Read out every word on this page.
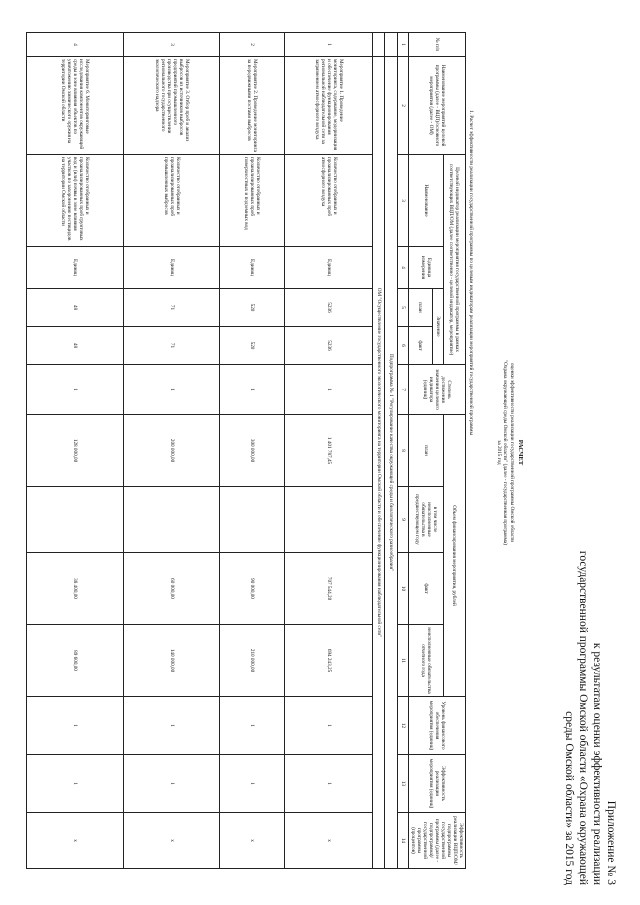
Приложение № 3
к результатам оценки эффективности реализации
государственной программы Омской области «Охрана окружающей
среды Омской области» за 2015 год
РАСЧЕТ
оценки эффективности реализации государственной программы Омской области
"Охрана окружающей среды Омской области" (далее - государственная программа)
за 2015 год
1. Расчет эффективности реализации государственной программы по целевым индикаторам реализации мероприятий государственной программы
№ п/п	Наименование мероприятий целевой программы (далее - ВЦП)/основного мероприятия (далее - ОМ)	Целевой индикатор реализации мероприятия государственной программы в рамках соответствующих ВЦП/ОМ (далее соответственно - целевой индикатор, мероприятие)				Степень достижения значения целевого индикатора (единиц)	Объем финансирования мероприятия, рублей				Уровень финансового обеспечения мероприятия (единиц)	Эффективность реализации мероприятия (единиц)	Эффективность реализации ВЦП/ОМ/подпрограммы государственной программы (далее - подпрограмма)/государственной программы (процентов)
		Наименование	Единица измерения	Значение			план	в том числе неисполненные обязательства в предшествующем году	факт	неисполненные обязательства отчетного года			
				план	факт								
1	2	3	4	5	6	7	8	9	10	11	12	13	14
	Подпрограмма № 1 "Регулирование качества окружающей среды и биологического разнообразия"												
	ОМ "Осуществление государственного экологического мониторинга на территории Омской области и обеспечение функционирования наблюдательной сети"												
1	Мероприятие 1. Проведение мониторинга, содержание, модернизация и обеспечение функционирования региональной наблюдательной сети за загрязнением атмосферного воздуха	Количество отобранных и проанализированных проб атмосферного воздуха	Единиц	5236	5236	1	1 401 787,45		707 544,20	694 243,25	1	1	x
2	Мероприятие 2. Проведение мониторинга за передвижными постами выбросов	Количество отобранных и проанализированных проб поверхностных и подземных вод	Единиц	520	520	1	300 000,00		90 000,00	210 000,00	1	1	x
3	Мероприятие 3. Отбор проб и анализ выбросов из источников выбросов предприятий промышленного производства при осуществлении регионального государственного экологического надзора	Количество отобранных и проанализированных проб промышленных выбросов	Единиц	71	71	1	200 000,00		60 000,00	140 000,00	1	1	x
4	Мероприятие 6. Мониторинговые исследования компонентов окружающей среды в зоне влияния объектов по уничтожению химического оружия на территории Омской области	Количество отобранных и проанализированных проб грунтовых вод и (или) почвы в зоне влияния участков по захоронению пестицидов на территории Омской области	Единиц	48	48	1	128 000,00		38 400,00	89 600,00	1	1	x
